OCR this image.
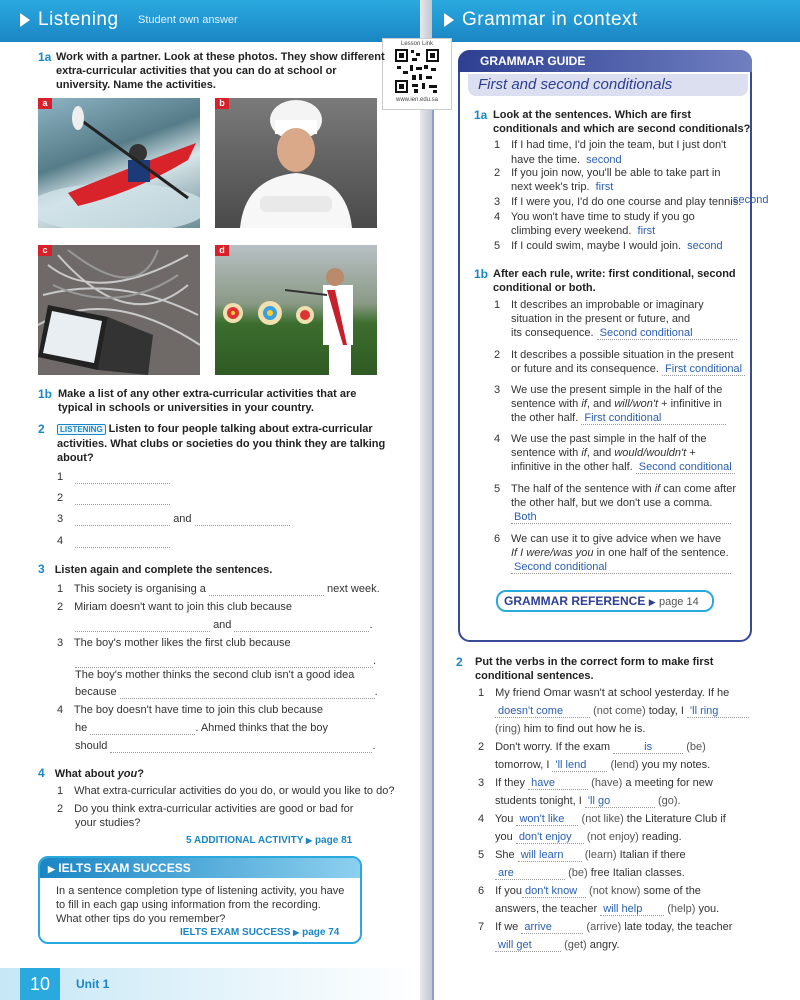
Listening Student own answer	Grammar in context
Lesson Link
www.ien.edu.sa
1a Work with a partner. Look at these photos. They show different
extra-curricular activities that you can do at school or
university. Name the activities.
a	b
c	d
1b Make a list of any other extra-curricular activities that are
typical in schools or universities in your country.
2	LISTENING Listen to four people talking about extra-curricular
activities. What clubs or societies do you think they are talking
about?
1
2
3	and
4
3 Listen again and complete the sentences.
1 This society is organising a	next week.
2 Miriam doesn't want to join this club because
and	.
3 The boy's mother likes the first club because
.
The boy's mother thinks the second club isn't a good idea
because	.
4 The boy doesn't have time to join this club because
he	. Ahmed thinks that the boy
should	.
4 What about you?
1 What extra-curricular activities do you do, or would you like to do?
2 Do you think extra-curricular activities are good or bad for
your studies?
5 ADDITIONAL ACTIVITY ▶ page 81
▶ IELTS EXAM SUCCESS
In a sentence completion type of listening activity, you have
to fill in each gap using information from the recording.
What other tips do you remember?
IELTS EXAM SUCCESS ▶ page 74
10	Unit 1
GRAMMAR GUIDE
First and second conditionals
1a Look at the sentences. Which are first
conditionals and which are second conditionals?
1 If I had time, I'd join the team, but I just don't
have the time. second
2 If you join now, you'll be able to take part in
next week's trip. first
3 If I were you, I'd do one course and play tennis.
second
4 You won't have time to study if you go
climbing every weekend. first
5 If I could swim, maybe I would join. second
1b After each rule, write: first conditional, second
conditional or both.
1 It describes an improbable or imaginary
situation in the present or future, and
its consequence. Second conditional
2 It describes a possible situation in the present
or future and its consequence. First conditional
3 We use the present simple in the half of the
sentence with if, and will/won't + infinitive in
the other half. First conditional
4 We use the past simple in the half of the
sentence with if, and would/wouldn't +
infinitive in the other half. Second conditional
5 The half of the sentence with if can come after
the other half, but we don't use a comma.
Both
6 We can use it to give advice when we have
If I were/was you in one half of the sentence.
Second conditional
GRAMMAR REFERENCE ▶ page 14
2 Put the verbs in the correct form to make first
conditional sentences.
1 My friend Omar wasn't at school yesterday. If he
doesn't come	(not come) today, I 'll ring
(ring) him to find out how he is.
2 Don't worry. If the exam	is	(be)
tomorrow, I 'll lend (lend) you my notes.
3 If they have	(have) a meeting for new
students tonight, I 'll go	(go).
4 You won't like (not like) the Literature Club if
you don't enjoy (not enjoy) reading.
5 She will learn (learn) Italian if there
are	(be) free Italian classes.
6 If you don't know (not know) some of the
answers, the teacher will help (help) you.
7 If we arrive	(arrive) late today, the teacher
will get	(get) angry.
